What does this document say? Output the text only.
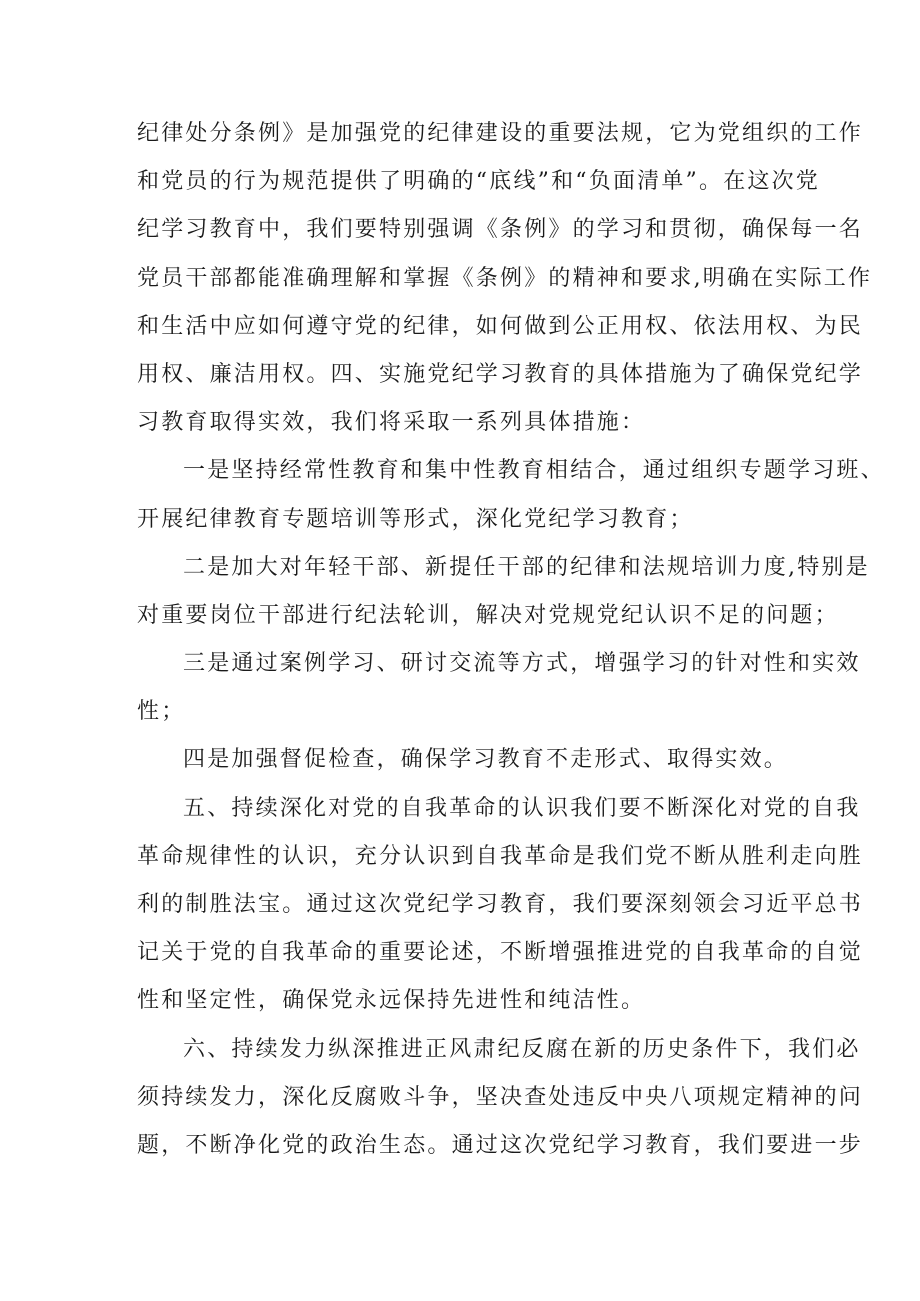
纪律处分条例》是加强党的纪律建设的重要法规，它为党组织的工作
和党员的行为规范提供了明确的“底线”和“负面清单”。在这次党
纪学习教育中，我们要特别强调《条例》的学习和贯彻，确保每一名
党员干部都能准确理解和掌握《条例》的精神和要求,明确在实际工作
和生活中应如何遵守党的纪律，如何做到公正用权、依法用权、为民
用权、廉洁用权。四、实施党纪学习教育的具体措施为了确保党纪学
习教育取得实效，我们将采取一系列具体措施：
一是坚持经常性教育和集中性教育相结合，通过组织专题学习班、
开展纪律教育专题培训等形式，深化党纪学习教育；
二是加大对年轻干部、新提任干部的纪律和法规培训力度,特别是
对重要岗位干部进行纪法轮训，解决对党规党纪认识不足的问题；
三是通过案例学习、研讨交流等方式，增强学习的针对性和实效
性；
四是加强督促检查，确保学习教育不走形式、取得实效。
五、持续深化对党的自我革命的认识我们要不断深化对党的自我
革命规律性的认识，充分认识到自我革命是我们党不断从胜利走向胜
利的制胜法宝。通过这次党纪学习教育，我们要深刻领会习近平总书
记关于党的自我革命的重要论述，不断增强推进党的自我革命的自觉
性和坚定性，确保党永远保持先进性和纯洁性。
六、持续发力纵深推进正风肃纪反腐在新的历史条件下，我们必
须持续发力，深化反腐败斗争，坚决查处违反中央八项规定精神的问
题，不断净化党的政治生态。通过这次党纪学习教育，我们要进一步
